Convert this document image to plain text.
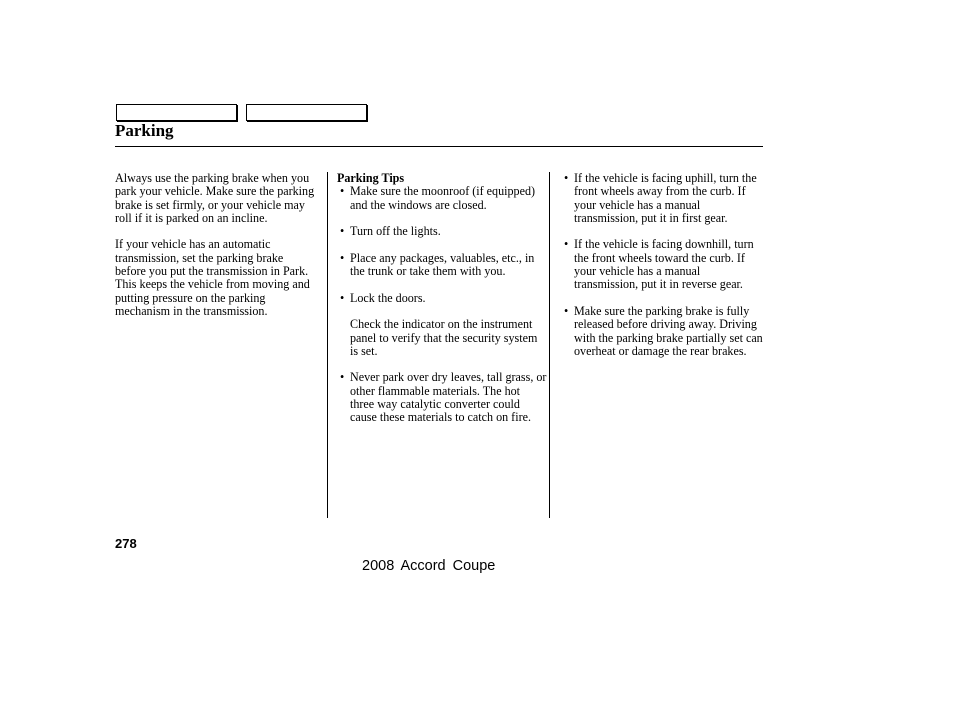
Parking

Always use the parking brake when you park your vehicle. Make sure the parking brake is set firmly, or your vehicle may roll if it is parked on an incline.

If your vehicle has an automatic transmission, set the parking brake before you put the transmission in Park. This keeps the vehicle from moving and putting pressure on the parking mechanism in the transmission.

Parking Tips
• Make sure the moonroof (if equipped) and the windows are closed.
• Turn off the lights.
• Place any packages, valuables, etc., in the trunk or take them with you.
• Lock the doors.
Check the indicator on the instrument panel to verify that the security system is set.
• Never park over dry leaves, tall grass, or other flammable materials. The hot three way catalytic converter could cause these materials to catch on fire.
• If the vehicle is facing uphill, turn the front wheels away from the curb. If your vehicle has a manual transmission, put it in first gear.
• If the vehicle is facing downhill, turn the front wheels toward the curb. If your vehicle has a manual transmission, put it in reverse gear.
• Make sure the parking brake is fully released before driving away. Driving with the parking brake partially set can overheat or damage the rear brakes.
278
2008 Accord Coupe
